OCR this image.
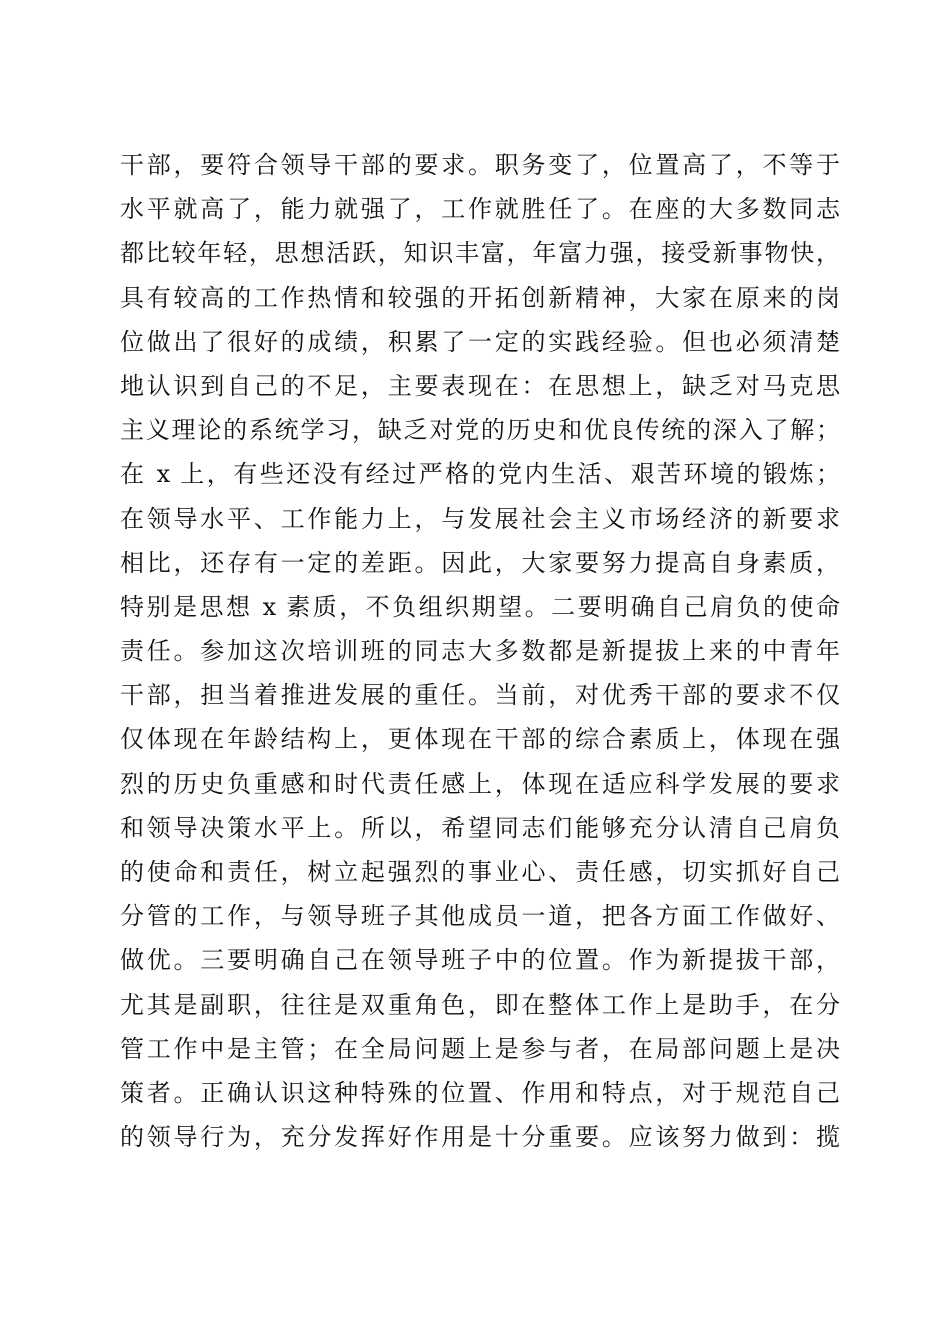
干部，要符合领导干部的要求。职务变了，位置高了，不等于
水平就高了，能力就强了，工作就胜任了。在座的大多数同志
都比较年轻，思想活跃，知识丰富，年富力强，接受新事物快，
具有较高的工作热情和较强的开拓创新精神，大家在原来的岗
位做出了很好的成绩，积累了一定的实践经验。但也必须清楚
地认识到自己的不足，主要表现在：在思想上，缺乏对马克思
主义理论的系统学习，缺乏对党的历史和优良传统的深入了解；
在 x 上，有些还没有经过严格的党内生活、艰苦环境的锻炼；
在领导水平、工作能力上，与发展社会主义市场经济的新要求
相比，还存有一定的差距。因此，大家要努力提高自身素质，
特别是思想 x 素质，不负组织期望。二要明确自己肩负的使命
责任。参加这次培训班的同志大多数都是新提拔上来的中青年
干部，担当着推进发展的重任。当前，对优秀干部的要求不仅
仅体现在年龄结构上，更体现在干部的综合素质上，体现在强
烈的历史负重感和时代责任感上，体现在适应科学发展的要求
和领导决策水平上。所以，希望同志们能够充分认清自己肩负
的使命和责任，树立起强烈的事业心、责任感，切实抓好自己
分管的工作，与领导班子其他成员一道，把各方面工作做好、
做优。三要明确自己在领导班子中的位置。作为新提拔干部，
尤其是副职，往往是双重角色，即在整体工作上是助手，在分
管工作中是主管；在全局问题上是参与者，在局部问题上是决
策者。正确认识这种特殊的位置、作用和特点，对于规范自己
的领导行为，充分发挥好作用是十分重要。应该努力做到：揽
